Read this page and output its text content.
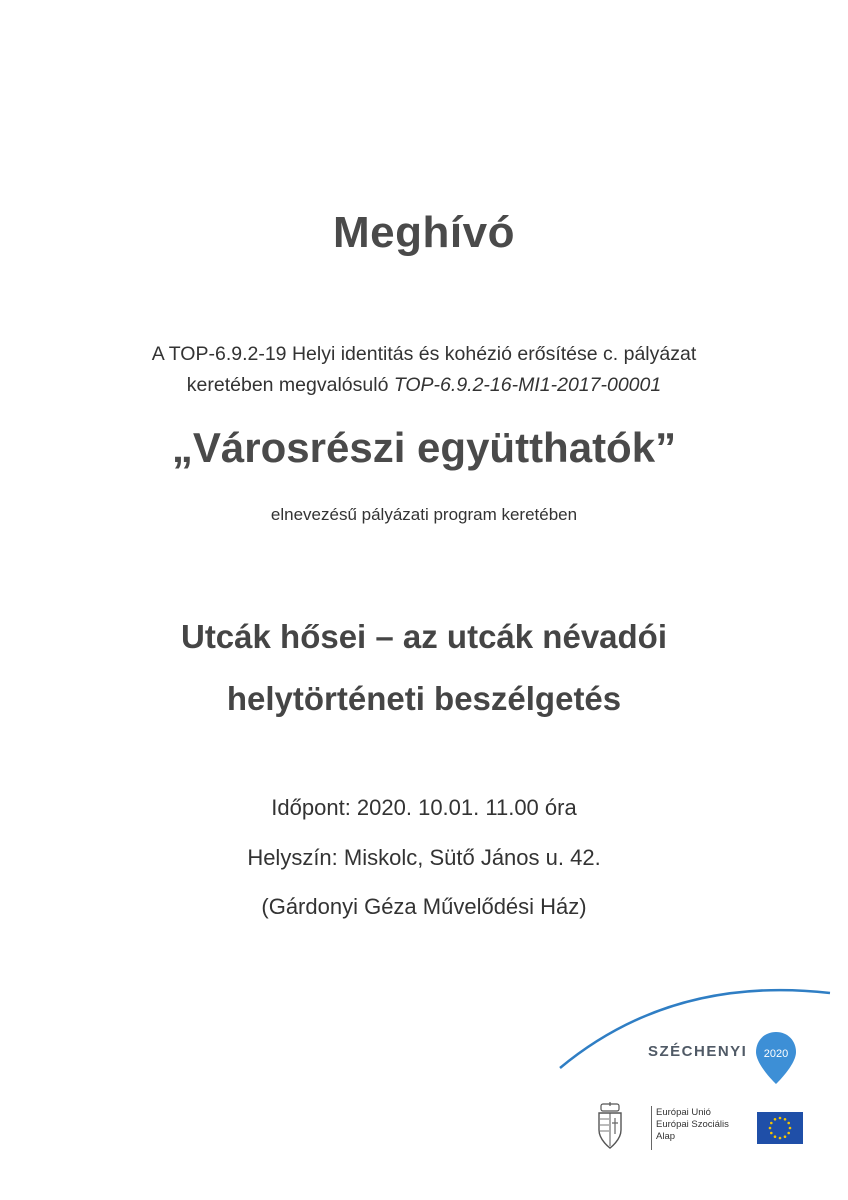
Meghívó
A TOP-6.9.2-19 Helyi identitás és kohézió erősítése c. pályázat
keretében megvalósuló TOP-6.9.2-16-MI1-2017-00001
„Városrészi együtthatók”
elnevezésű pályázati program keretében
Utcák hősei – az utcák névadói
helytörténeti beszélgetés
Időpont: 2020. 10.01. 11.00 óra
Helyszín: Miskolc, Sütő János u. 42.
(Gárdonyi Géza Művelődési Ház)
SZÉCHENYI 2020
Európai Unió
Európai Szociális
Alap
